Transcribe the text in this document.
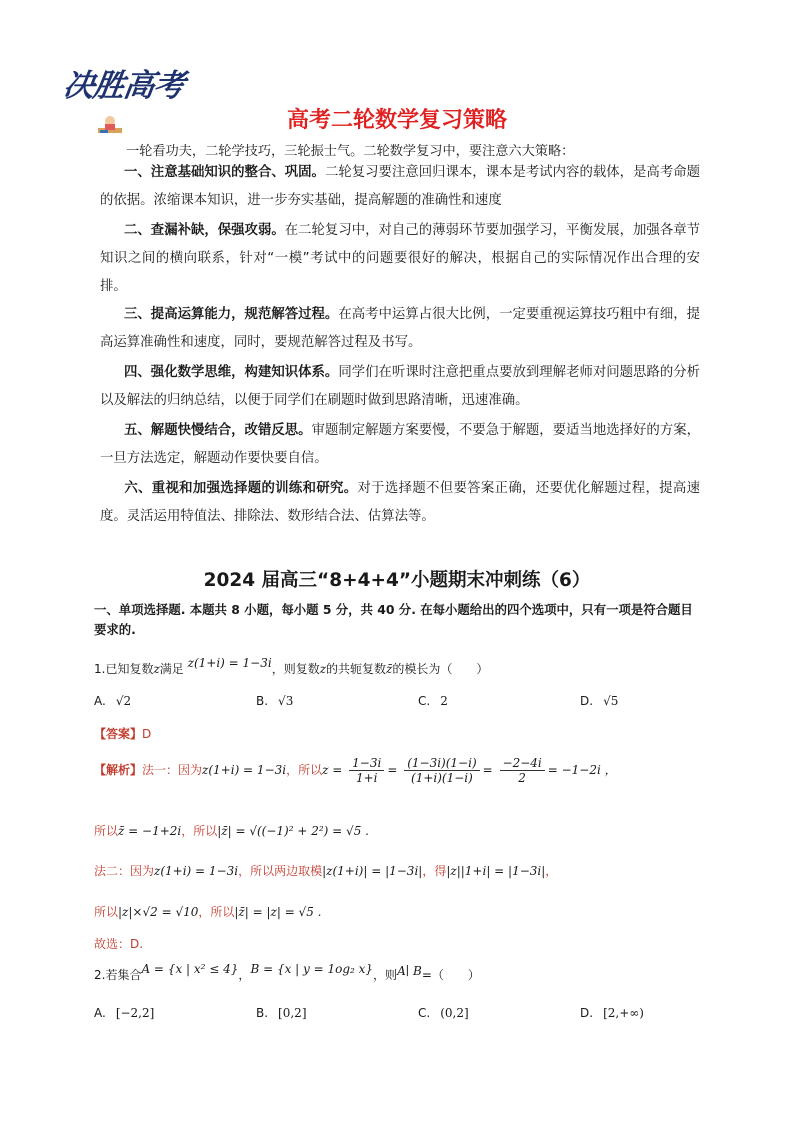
决胜高考
高考二轮数学复习策略
一轮看功夫，二轮学技巧，三轮振士气。二轮数学复习中，要注意六大策略：
一、注意基础知识的整合、巩固。二轮复习要注意回归课本，课本是考试内容的载体，是高考命题的依据。浓缩课本知识，进一步夯实基础，提高解题的准确性和速度
二、查漏补缺，保强攻弱。在二轮复习中，对自己的薄弱环节要加强学习，平衡发展，加强各章节知识之间的横向联系，针对“一模”考试中的问题要很好的解决，根据自己的实际情况作出合理的安排。
三、提高运算能力，规范解答过程。在高考中运算占很大比例，一定要重视运算技巧粗中有细，提高运算准确性和速度，同时，要规范解答过程及书写。
四、强化数学思维，构建知识体系。同学们在听课时注意把重点要放到理解老师对问题思路的分析以及解法的归纳总结，以便于同学们在刷题时做到思路清晰，迅速准确。
五、解题快慢结合，改错反思。审题制定解题方案要慢，不要急于解题，要适当地选择好的方案，一旦方法选定，解题动作要快要自信。
六、重视和加强选择题的训练和研究。对于选择题不但要答案正确，还要优化解题过程，提高速度。灵活运用特值法、排除法、数形结合法、估算法等。
2024 届高三“8+4+4”小题期末冲刺练（6）
一、单项选择题. 本题共 8 小题，每小题 5 分，共 40 分. 在每小题给出的四个选项中，只有一项是符合题目要求的.
1.已知复数z满足 z(1+i) = 1−3i，则复数z的共轭复数z̄的模长为（　　）
A. √2	B. √3	C. 2	D. √5
【答案】D
【解析】法一：因为z(1+i) = 1−3i，所以$z = \frac{1-3i}{1+i} = \frac{(1-3i)(1-i)}{(1+i)(1-i)} = \frac{-2-4i}{2} = -1-2i$ ，
所以z̄ = −1+2i，所以|z̄| = √((−1)² + 2²) = √5 .
法二：因为z(1+i) = 1−3i，所以两边取模|z(1+i)| = |1−3i|，得|z||1+i| = |1−3i|，
所以|z|×√2 = √10，所以|z̄| = |z| = √5 .
故选：D.
2.若集合A = {x | x² ≤ 4}，B = {x | y = 1og₂ x}，则A∣ B=（　　）
A. [−2,2]	B. [0,2]	C. (0,2]	D. [2,+∞)
